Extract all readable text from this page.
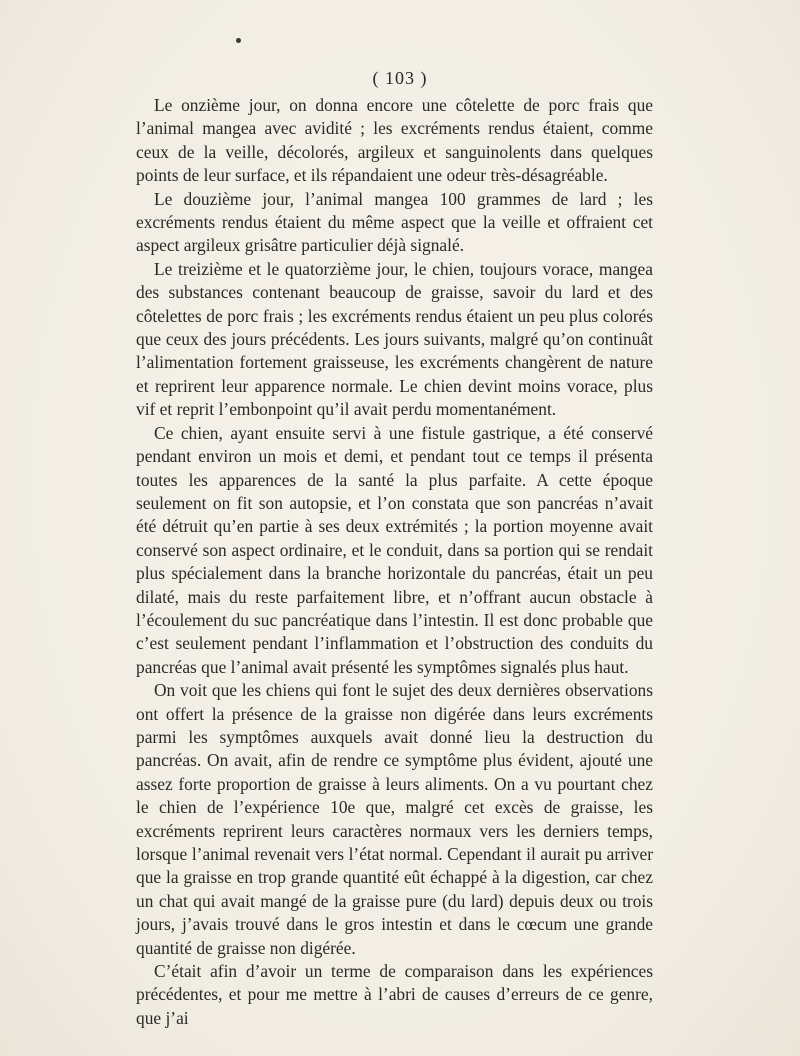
( 103 )

Le onzième jour, on donna encore une côtelette de porc frais que l’animal mangea avec avidité ; les excréments rendus étaient, comme ceux de la veille, décolorés, argileux et sanguinolents dans quelques points de leur surface, et ils répandaient une odeur très-désagréable.

Le douzième jour, l’animal mangea 100 grammes de lard ; les excréments rendus étaient du même aspect que la veille et offraient cet aspect argileux grisâtre particulier déjà signalé.

Le treizième et le quatorzième jour, le chien, toujours vorace, mangea des substances contenant beaucoup de graisse, savoir du lard et des côtelettes de porc frais ; les excréments rendus étaient un peu plus colorés que ceux des jours précédents. Les jours suivants, malgré qu’on continuât l’alimentation fortement graisseuse, les excréments changèrent de nature et reprirent leur apparence normale. Le chien devint moins vorace, plus vif et reprit l’embonpoint qu’il avait perdu momentanément.

Ce chien, ayant ensuite servi à une fistule gastrique, a été conservé pendant environ un mois et demi, et pendant tout ce temps il présenta toutes les apparences de la santé la plus parfaite. A cette époque seulement on fit son autopsie, et l’on constata que son pancréas n’avait été détruit qu’en partie à ses deux extrémités ; la portion moyenne avait conservé son aspect ordinaire, et le conduit, dans sa portion qui se rendait plus spécialement dans la branche horizontale du pancréas, était un peu dilaté, mais du reste parfaitement libre, et n’offrant aucun obstacle à l’écoulement du suc pancréatique dans l’intestin. Il est donc probable que c’est seulement pendant l’inflammation et l’obstruction des conduits du pancréas que l’animal avait présenté les symptômes signalés plus haut.

On voit que les chiens qui font le sujet des deux dernières observations ont offert la présence de la graisse non digérée dans leurs excréments parmi les symptômes auxquels avait donné lieu la destruction du pancréas. On avait, afin de rendre ce symptôme plus évident, ajouté une assez forte proportion de graisse à leurs aliments. On a vu pourtant chez le chien de l’expérience 10e que, malgré cet excès de graisse, les excréments reprirent leurs caractères normaux vers les derniers temps, lorsque l’animal revenait vers l’état normal. Cependant il aurait pu arriver que la graisse en trop grande quantité eût échappé à la digestion, car chez un chat qui avait mangé de la graisse pure (du lard) depuis deux ou trois jours, j’avais trouvé dans le gros intestin et dans le cœcum une grande quantité de graisse non digérée.

C’était afin d’avoir un terme de comparaison dans les expériences précédentes, et pour me mettre à l’abri de causes d’erreurs de ce genre, que j’ai
